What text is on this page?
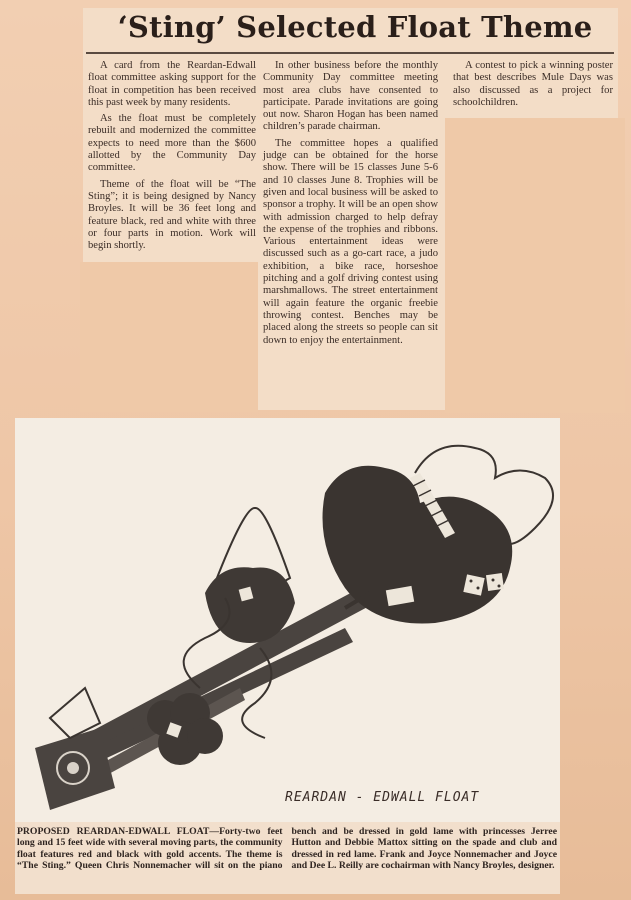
‘Sting’ Selected Float Theme

A card from the Reardan-Edwall float committee asking support for the float in competition has been received this past week by many residents.

As the float must be completely rebuilt and modernized the committee expects to need more than the $600 allotted by the Community Day committee.

Theme of the float will be “The Sting”; it is being designed by Nancy Broyles. It will be 36 feet long and feature black, red and white with three or four parts in motion. Work will begin shortly.

In other business before the monthly Community Day committee meeting most area clubs have consented to participate. Parade invitations are going out now. Sharon Hogan has been named children’s parade chairman.

The committee hopes a qualified judge can be obtained for the horse show. There will be 15 classes June 5-6 and 10 classes June 8. Trophies will be given and local business will be asked to sponsor a trophy. It will be an open show with admission charged to help defray the expense of the trophies and ribbons. Various entertainment ideas were discussed such as a go-cart race, a judo exhibition, a bike race, horseshoe pitching and a golf driving contest using marshmallows. The street entertainment will again feature the organic freebie throwing contest. Benches may be placed along the streets so people can sit down to enjoy the entertainment.

A contest to pick a winning poster that best describes Mule Days was also discussed as a project for schoolchildren.

REARDAN - EDWALL FLOAT
PROPOSED REARDAN-EDWALL FLOAT—Forty-two feet long and 15 feet wide with several moving parts, the community float features red and black with gold accents. The theme is “The Sting.” Queen Chris Nonnemacher will sit on the piano bench and be dressed in gold lame with princesses Jerree Hutton and Debbie Mattox sitting on the spade and club and dressed in red lame. Frank and Joyce Nonnemacher and Joyce and Dee L. Reilly are cochairman with Nancy Broyles, designer.
